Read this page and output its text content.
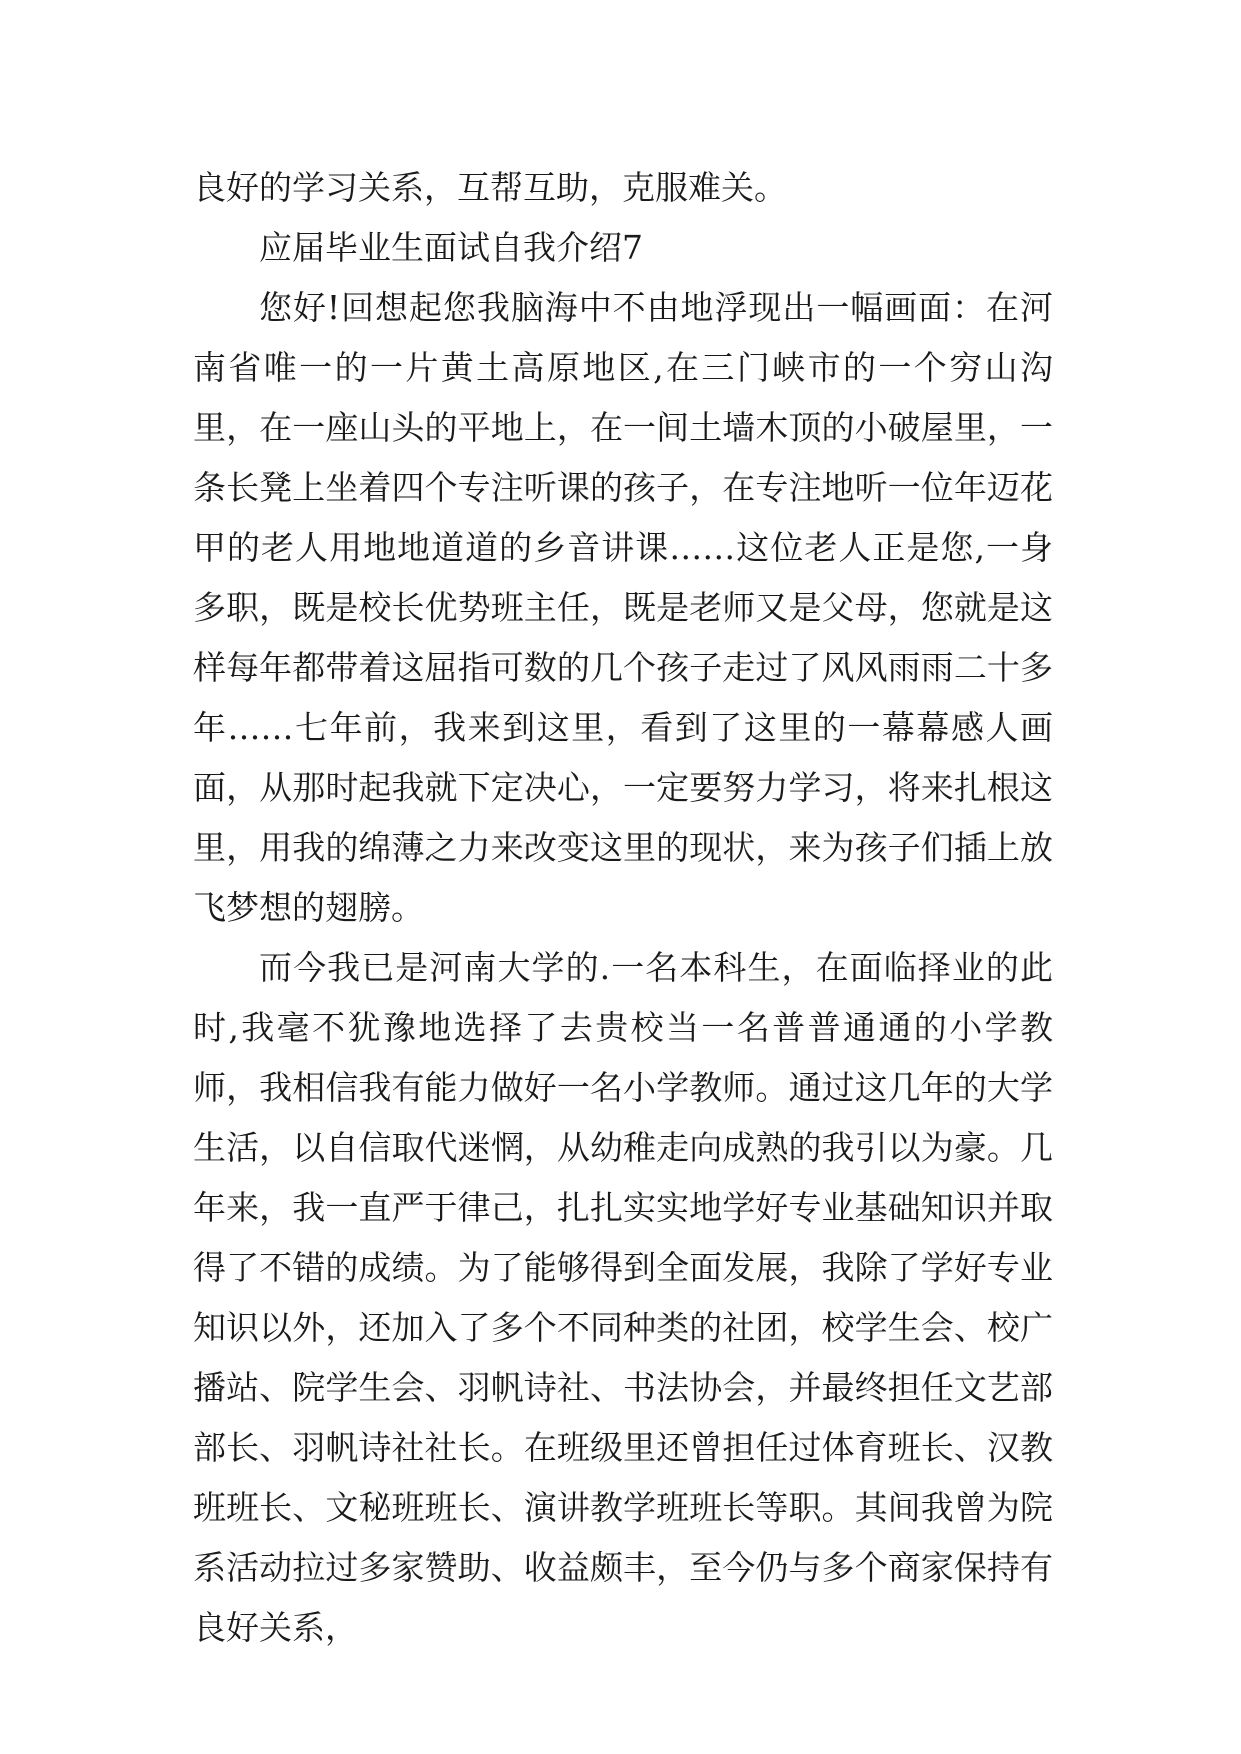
良好的学习关系，互帮互助，克服难关。

应届毕业生面试自我介绍7

您好!回想起您我脑海中不由地浮现出一幅画面：在河南省唯一的一片黄土高原地区,在三门峡市的一个穷山沟里，在一座山头的平地上，在一间土墙木顶的小破屋里，一条长凳上坐着四个专注听课的孩子，在专注地听一位年迈花甲的老人用地地道道的乡音讲课……这位老人正是您,一身多职，既是校长优势班主任，既是老师又是父母，您就是这样每年都带着这屈指可数的几个孩子走过了风风雨雨二十多年……七年前，我来到这里，看到了这里的一幕幕感人画面，从那时起我就下定决心，一定要努力学习，将来扎根这里，用我的绵薄之力来改变这里的现状，来为孩子们插上放飞梦想的翅膀。

而今我已是河南大学的.一名本科生，在面临择业的此时,我毫不犹豫地选择了去贵校当一名普普通通的小学教师，我相信我有能力做好一名小学教师。通过这几年的大学生活，以自信取代迷惘，从幼稚走向成熟的我引以为豪。几年来，我一直严于律己，扎扎实实地学好专业基础知识并取得了不错的成绩。为了能够得到全面发展，我除了学好专业知识以外，还加入了多个不同种类的社团，校学生会、校广播站、院学生会、羽帆诗社、书法协会，并最终担任文艺部部长、羽帆诗社社长。在班级里还曾担任过体育班长、汉教班班长、文秘班班长、演讲教学班班长等职。其间我曾为院系活动拉过多家赞助、收益颇丰，至今仍与多个商家保持有良好关系，
